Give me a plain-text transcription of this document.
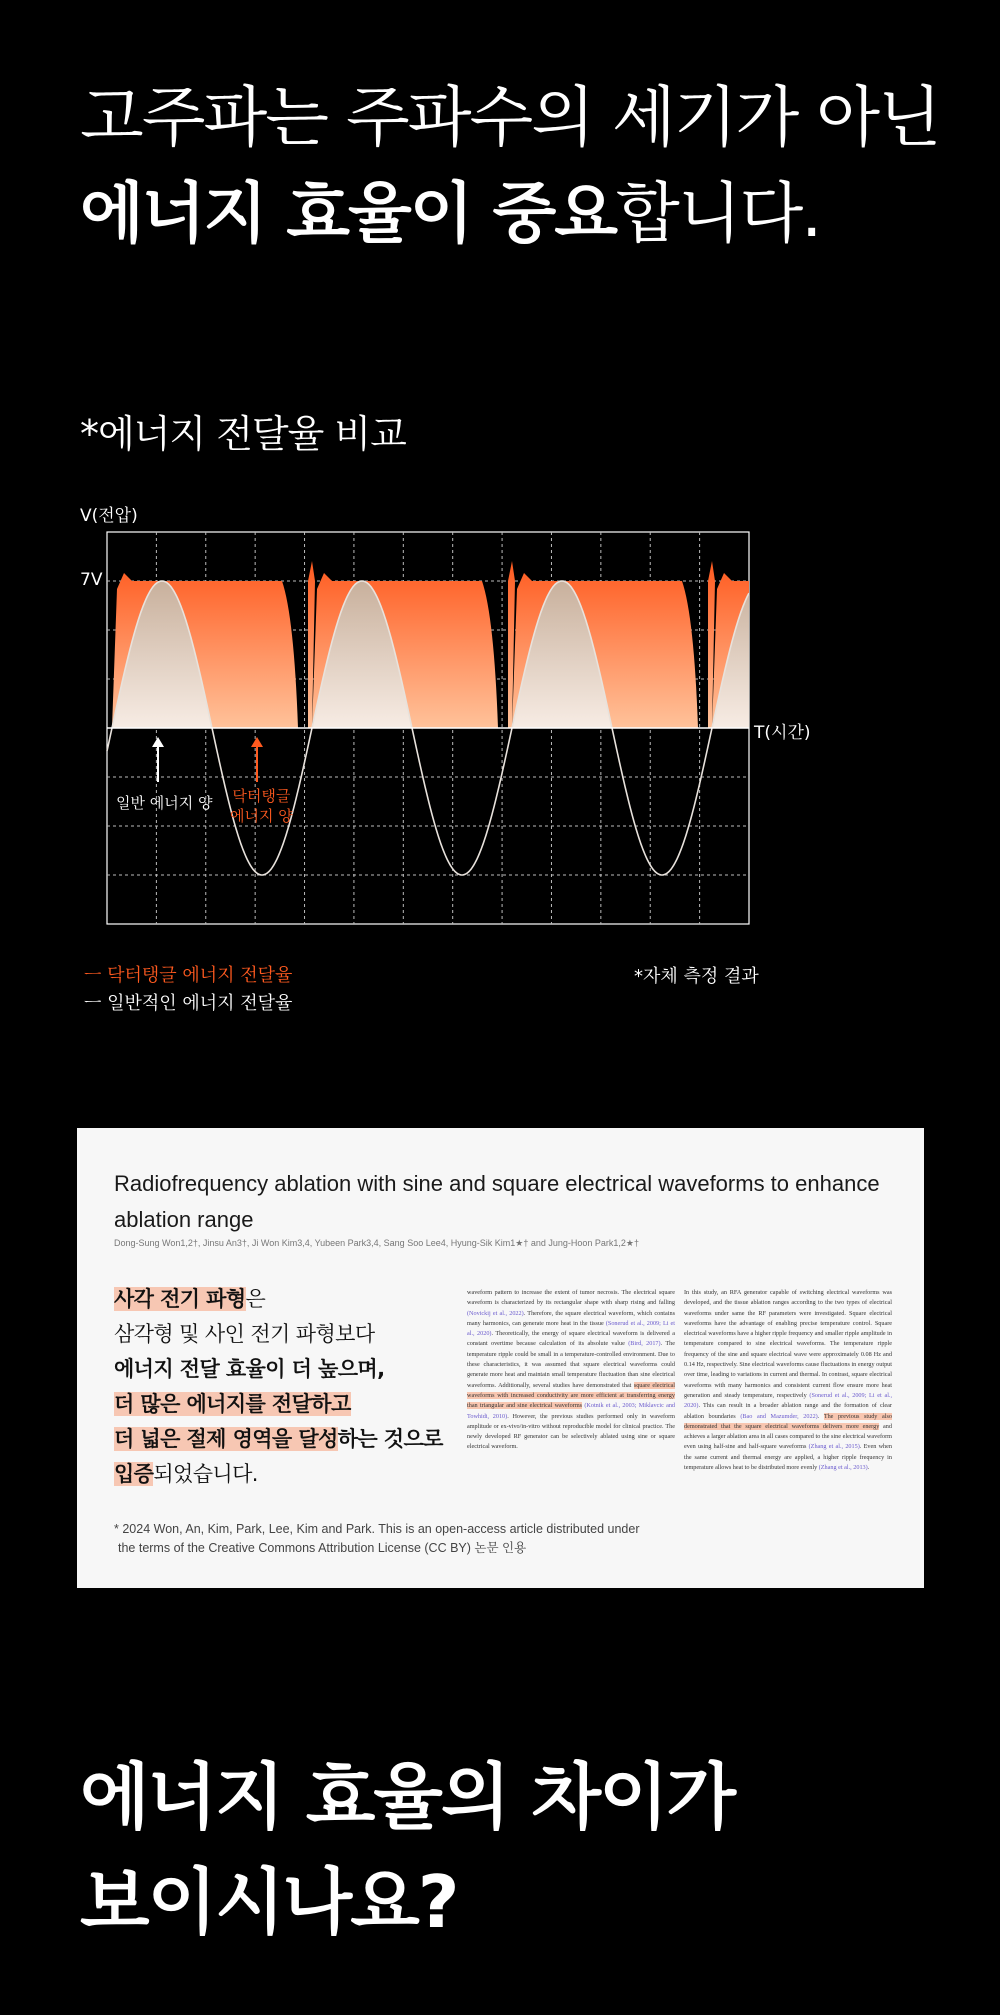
고주파는 주파수의 세기가 아닌
에너지 효율이 중요합니다.
*에너지 전달율 비교
V(전압)
7V
T(시간)
일반 에너지 양 닥터탱글
에너지 양
ㅡ 닥터탱글 에너지 전달율
ㅡ 일반적인 에너지 전달율
*자체 측정 결과
Radiofrequency ablation with sine and square electrical waveforms to enhance ablation range
Dong-Sung Won1,2†, Jinsu An3†, Ji Won Kim3,4, Yubeen Park3,4, Sang Soo Lee4, Hyung-Sik Kim1★† and Jung-Hoon Park1,2★†
사각 전기 파형은
삼각형 및 사인 전기 파형보다
에너지 전달 효율이 더 높으며,
더 많은 에너지를 전달하고
더 넓은 절제 영역을 달성하는 것으로
입증되었습니다.
waveform pattern to increase the extent of tumor necrosis. The electrical square waveform is characterized by its rectangular shape with sharp rising and falling (Novickij et al., 2022). Therefore, the square electrical waveform, which contains many harmonics, can generate more heat in the tissue (Sonerud et al., 2009; Li et al., 2020). Theoretically, the energy of square electrical waveform is delivered a constant overtime because calculation of its absolute value (Bird, 2017). The temperature ripple could be small in a temperature-controlled environment. Due to these characteristics, it was assumed that square electrical waveforms could generate more heat and maintain small temperature fluctuation than sine electrical waveforms. Additionally, several studies have demonstrated that square electrical waveforms with increased conductivity are more efficient at transferring energy than triangular and sine electrical waveforms (Kotnik et al., 2003; Miklavcic and Towhidi, 2010). However, the previous studies performed only in waveform amplitude or ex-vivo/in-vitro without reproducible model for clinical practice. The newly developed RF generator can be selectively ablated using sine or square electrical waveform.
In this study, an RFA generator capable of switching electrical waveforms was developed, and the tissue ablation ranges according to the two types of electrical waveforms under same the RF parameters were investigated. Square electrical waveforms have the advantage of enabling precise temperature control. Square electrical waveforms have a higher ripple frequency and smaller ripple amplitude in temperature compared to sine electrical waveforms. The temperature ripple frequency of the sine and square electrical wave were approximately 0.08 Hz and 0.14 Hz, respectively. Sine electrical waveforms cause fluctuations in energy output over time, leading to variations in current and thermal. In contrast, square electrical waveforms with many harmonics and consistent current flow ensure more heat generation and steady temperature, respectively (Sonerud et al., 2009; Li et al., 2020). This can result in a broader ablation range and the formation of clear ablation boundaries (Bao and Mazumder, 2022). The previous study also demonstrated that the square electrical waveforms delivers more energy and achieves a larger ablation area in all cases compared to the sine electrical waveform even using half-sine and half-square waveforms (Zhang et al., 2015). Even when the same current and thermal energy are applied, a higher ripple frequency in temperature allows heat to be distributed more evenly (Zhang et al., 2013).
* 2024 Won, An, Kim, Park, Lee, Kim and Park. This is an open-access article distributed under
the terms of the Creative Commons Attribution License (CC BY) 논문 인용
에너지 효율의 차이가
보이시나요?
